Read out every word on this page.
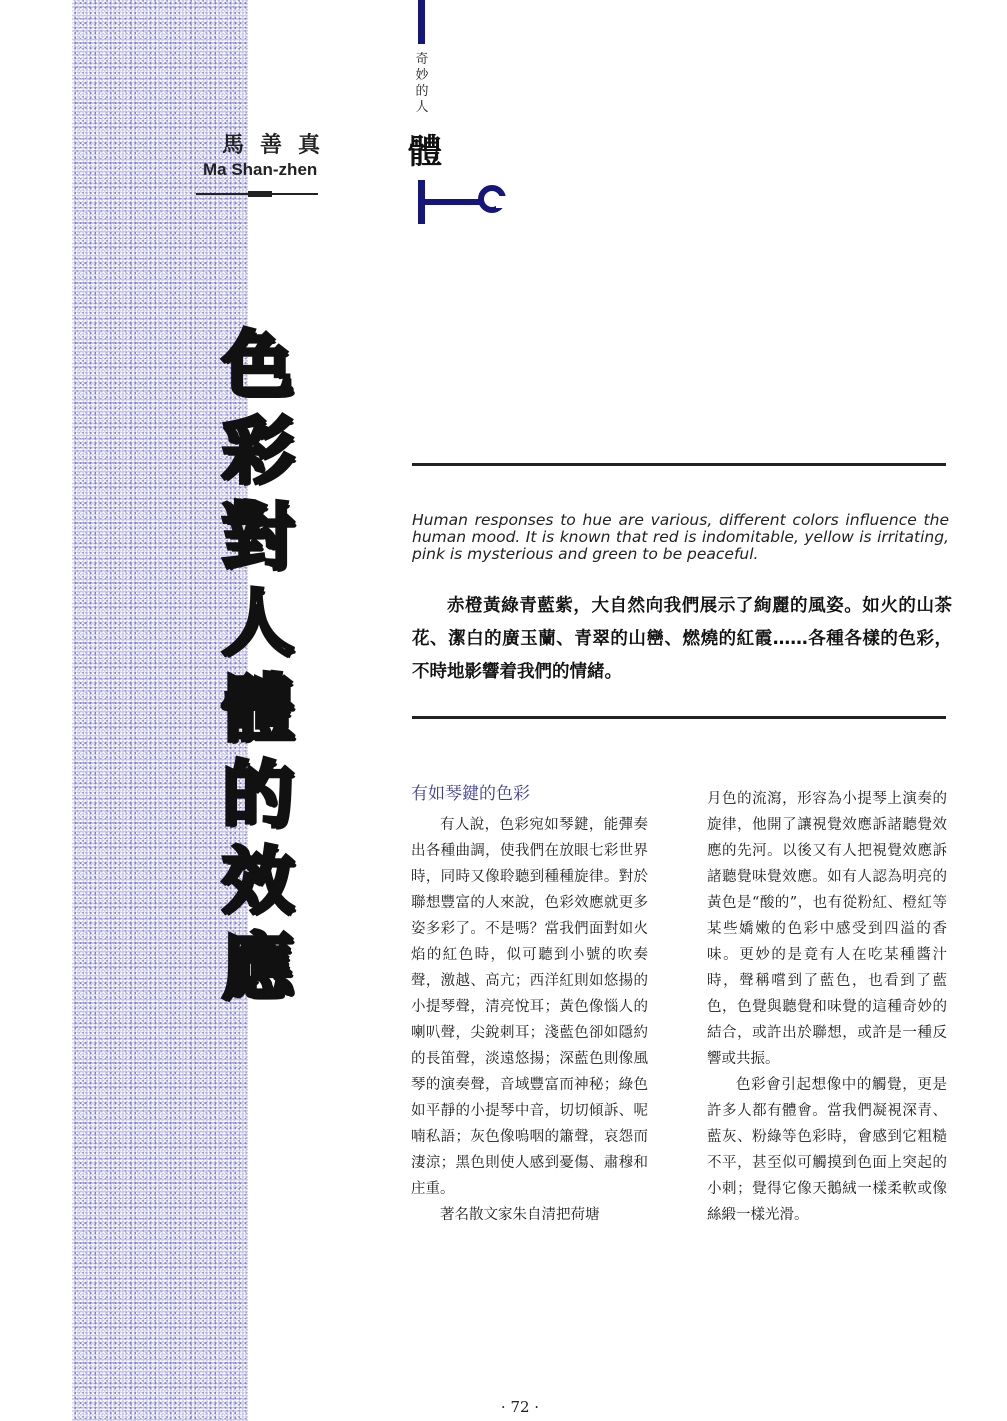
馬善真
Ma Shan-zhen
奇妙的人
體
色
彩
對
人
體
的
效
應
Human responses to hue are various, different colors influence the human mood. It is known that red is indomitable, yellow is irritating, pink is mysterious and green to be peaceful.
赤橙黃綠青藍紫，大自然向我們展示了絢麗的風姿。如火的山茶花、潔白的廣玉蘭、青翠的山巒、燃燒的紅霞……各種各樣的色彩，不時地影響着我們的情緒。
有如琴鍵的色彩

有人說，色彩宛如琴鍵，能彈奏出各種曲調，使我們在放眼七彩世界時，同時又像聆聽到種種旋律。對於聯想豐富的人來說，色彩效應就更多姿多彩了。不是嗎？當我們面對如火焰的紅色時，似可聽到小號的吹奏聲，激越、高亢；西洋紅則如悠揚的小提琴聲，清亮悅耳；黃色像惱人的喇叭聲，尖銳刺耳；淺藍色卻如隱約的長笛聲，淡遠悠揚；深藍色則像風琴的演奏聲，音域豐富而神秘；綠色如平靜的小提琴中音，切切傾訴、呢喃私語；灰色像嗚咽的簫聲，哀怨而淒涼；黑色則使人感到憂傷、肅穆和庄重。

著名散文家朱自清把荷塘

月色的流瀉，形容為小提琴上演奏的旋律，他開了讓視覺效應訴諸聽覺效應的先河。以後又有人把視覺效應訴諸聽覺味覺效應。如有人認為明亮的黃色是“酸的”，也有從粉紅、橙紅等某些嬌嫩的色彩中感受到四溢的香味。更妙的是竟有人在吃某種醬汁時，聲稱嚐到了藍色，也看到了藍色，色覺與聽覺和味覺的這種奇妙的結合，或許出於聯想，或許是一種反響或共振。

色彩會引起想像中的觸覺，更是許多人都有體會。當我們凝視深青、藍灰、粉綠等色彩時，會感到它粗糙不平，甚至似可觸摸到色面上突起的小刺；覺得它像天鵝絨一樣柔軟或像絲緞一樣光滑。

· 72 ·
